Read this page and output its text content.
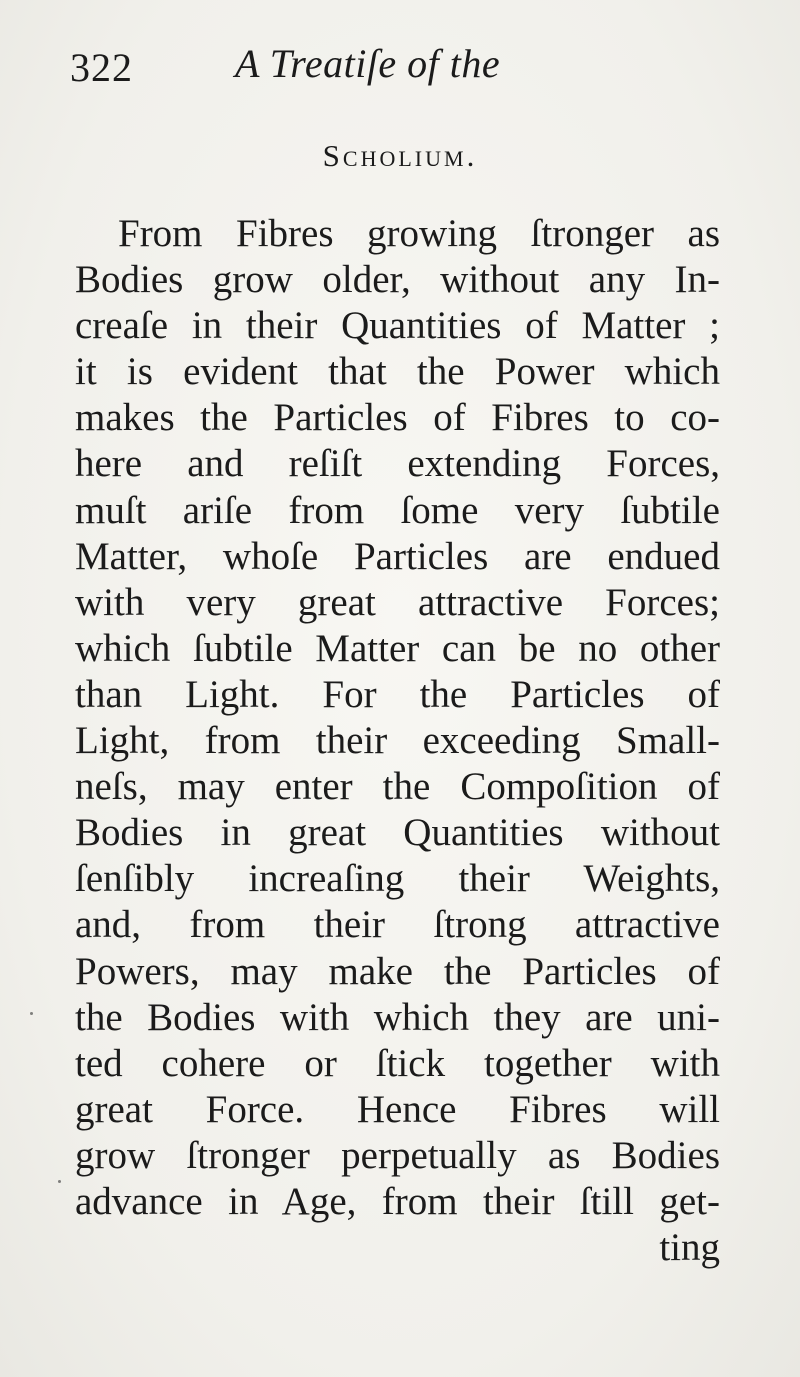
322	A Treatiſe of the
Scholium.
From Fibres growing ſtronger as
Bodies grow older, without any In-
creaſe in their Quantities of Matter ;
it is evident that the Power which
makes the Particles of Fibres to co-
here and reſiſt extending Forces,
muſt ariſe from ſome very ſubtile
Matter, whoſe Particles are endued
with very great attractive Forces;
which ſubtile Matter can be no other
than Light. For the Particles of
Light, from their exceeding Small-
neſs, may enter the Compoſition of
Bodies in great Quantities without
ſenſibly increaſing their Weights,
and, from their ſtrong attractive
Powers, may make the Particles of
the Bodies with which they are uni-
ted cohere or ſtick together with
great Force. Hence Fibres will
grow ſtronger perpetually as Bodies
advance in Age, from their ſtill get-
ting
